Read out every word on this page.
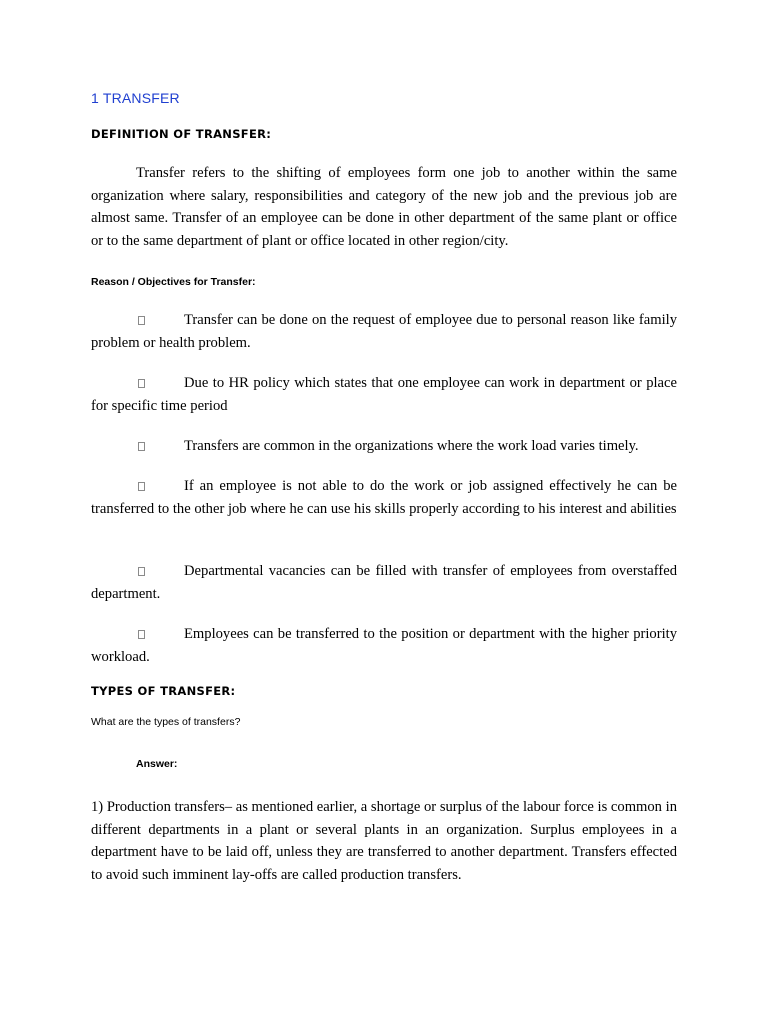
1 TRANSFER
DEFINITION OF TRANSFER:

Transfer refers to the shifting of employees form one job to another within the same organization where salary, responsibilities and category of the new job and the previous job are almost same. Transfer of an employee can be done in other department of the same plant or office or to the same department of plant or office located in other region/city.

Reason / Objectives for Transfer:

Transfer can be done on the request of employee due to personal reason like family problem or health problem.

Due to HR policy which states that one employee can work in department or place for specific time period

Transfers are common in the organizations where the work load varies timely.

If an employee is not able to do the work or job assigned effectively he can be transferred to the other job where he can use his skills properly according to his interest and abilities

Departmental vacancies can be filled with transfer of employees from overstaffed department.

Employees can be transferred to the position or department with the higher priority workload.

TYPES OF TRANSFER:
What are the types of transfers?
Answer:

1) Production transfers– as mentioned earlier, a shortage or surplus of the labour force is common in different departments in a plant or several plants in an organization. Surplus employees in a department have to be laid off, unless they are transferred to another department. Transfers effected to avoid such imminent lay-offs are called production transfers.
